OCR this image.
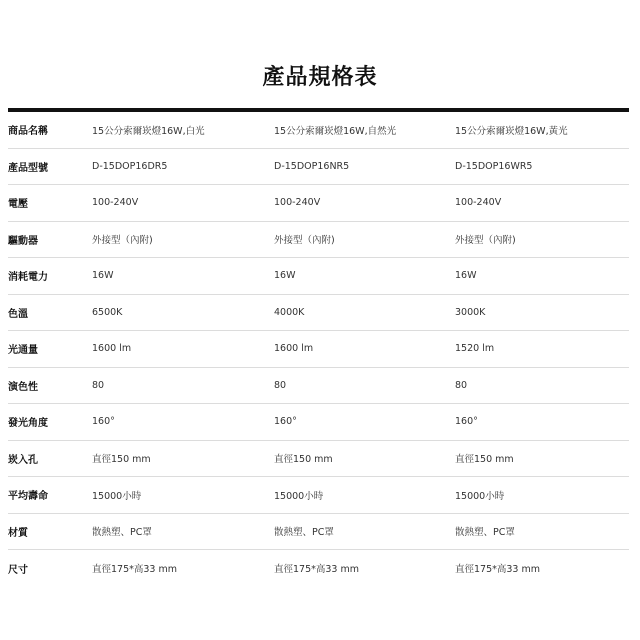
產品規格表
商品名稱	15公分索爾崁燈16W,白光	15公分索爾崁燈16W,自然光	15公分索爾崁燈16W,黃光
產品型號	D-15DOP16DR5	D-15DOP16NR5	D-15DOP16WR5
電壓	100-240V	100-240V	100-240V
驅動器	外接型（內附)	外接型（內附)	外接型（內附)
消耗電力	16W	16W	16W
色溫	6500K	4000K	3000K
光通量	1600 lm	1600 lm	1520 lm
演色性	80	80	80
發光角度	160°	160°	160°
崁入孔	直徑150 mm	直徑150 mm	直徑150 mm
平均壽命	15000小時	15000小時	15000小時
材質	散熱塑、PC罩	散熱塑、PC罩	散熱塑、PC罩
尺寸	直徑175*高33 mm	直徑175*高33 mm	直徑175*高33 mm
